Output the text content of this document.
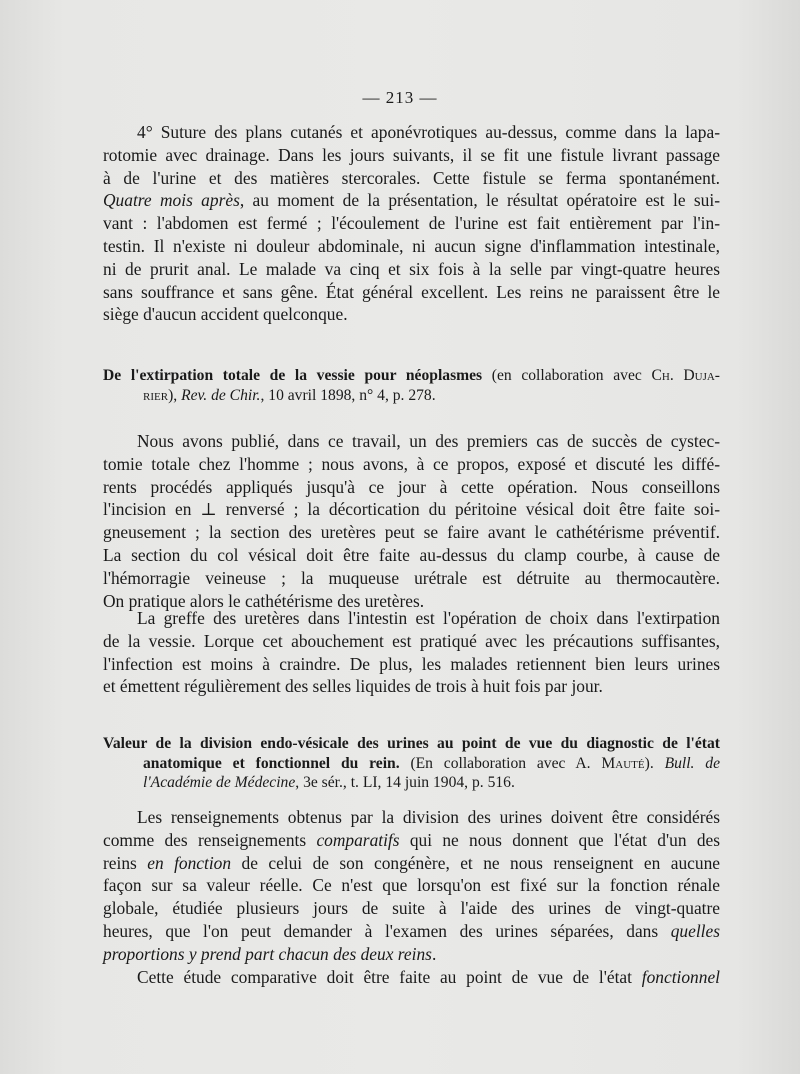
— 213 —
4° Suture des plans cutanés et aponévrotiques au-dessus, comme dans la lapa-
rotomie avec drainage. Dans les jours suivants, il se fit une fistule livrant passage
à de l'urine et des matières stercorales. Cette fistule se ferma spontanément.
Quatre mois après, au moment de la présentation, le résultat opératoire est le sui-
vant : l'abdomen est fermé ; l'écoulement de l'urine est fait entièrement par l'in-
testin. Il n'existe ni douleur abdominale, ni aucun signe d'inflammation intestinale,
ni de prurit anal. Le malade va cinq et six fois à la selle par vingt-quatre heures
sans souffrance et sans gêne. État général excellent. Les reins ne paraissent être le
siège d'aucun accident quelconque.
De l'extirpation totale de la vessie pour néoplasmes (en collaboration avec Ch. Duja-
rier), Rev. de Chir., 10 avril 1898, n° 4, p. 278.
Nous avons publié, dans ce travail, un des premiers cas de succès de cystec-
tomie totale chez l'homme ; nous avons, à ce propos, exposé et discuté les diffé-
rents procédés appliqués jusqu'à ce jour à cette opération. Nous conseillons
l'incision en ⊥ renversé ; la décortication du péritoine vésical doit être faite soi-
gneusement ; la section des uretères peut se faire avant le cathétérisme préventif.
La section du col vésical doit être faite au-dessus du clamp courbe, à cause de
l'hémorragie veineuse ; la muqueuse urétrale est détruite au thermocautère.
On pratique alors le cathétérisme des uretères.
La greffe des uretères dans l'intestin est l'opération de choix dans l'extirpation
de la vessie. Lorque cet abouchement est pratiqué avec les précautions suffisantes,
l'infection est moins à craindre. De plus, les malades retiennent bien leurs urines
et émettent régulièrement des selles liquides de trois à huit fois par jour.
Valeur de la division endo-vésicale des urines au point de vue du diagnostic de l'état
anatomique et fonctionnel du rein. (En collaboration avec A. Mauté). Bull. de
l'Académie de Médecine, 3e sér., t. LI, 14 juin 1904, p. 516.
Les renseignements obtenus par la division des urines doivent être considérés
comme des renseignements comparatifs qui ne nous donnent que l'état d'un des
reins en fonction de celui de son congénère, et ne nous renseignent en aucune
façon sur sa valeur réelle. Ce n'est que lorsqu'on est fixé sur la fonction rénale
globale, étudiée plusieurs jours de suite à l'aide des urines de vingt-quatre
heures, que l'on peut demander à l'examen des urines séparées, dans quelles
proportions y prend part chacun des deux reins.
Cette étude comparative doit être faite au point de vue de l'état fonctionnel
